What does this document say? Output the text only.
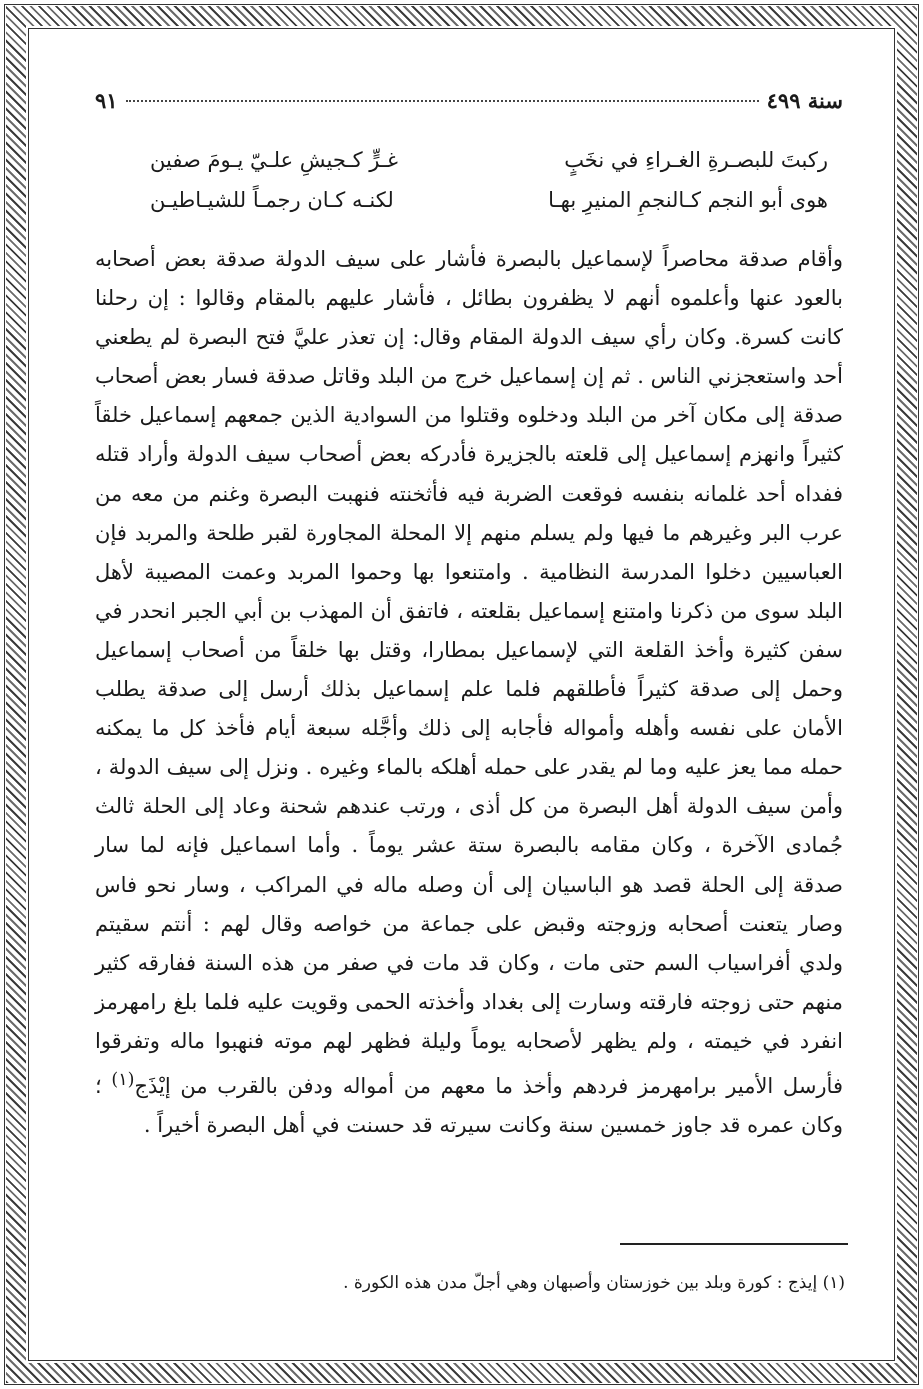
سنة ٤٩٩
٩١
ركبتَ للبصـرةِ الغـراءِ في نخَبٍ
غـرٍّ كـجيشِ علـيّ يـومَ صفين
هوى أبو النجم كـالنجمِ المنيرِ بهـا
لكنـه كـان رجمـاً للشيـاطيـن

وأقام صدقة محاصراً لإسماعيل بالبصرة فأشار على سيف الدولة صدقة بعض أصحابه بالعود عنها وأعلموه أنهم لا يظفرون بطائل ، فأشار عليهم بالمقام وقالوا : إن رحلنا كانت كسرة. وكان رأي سيف الدولة المقام وقال: إن تعذر عليَّ فتح البصرة لم يطعني أحد واستعجزني الناس . ثم إن إسماعيل خرج من البلد وقاتل صدقة فسار بعض أصحاب صدقة إلى مكان آخر من البلد ودخلوه وقتلوا من السوادية الذين جمعهم إسماعيل خلقاً كثيراً وانهزم إسماعيل إلى قلعته بالجزيرة فأدركه بعض أصحاب سيف الدولة وأراد قتله ففداه أحد غلمانه بنفسه فوقعت الضربة فيه فأثخنته فنهبت البصرة وغنم من معه من عرب البر وغيرهم ما فيها ولم يسلم منهم إلا المحلة المجاورة لقبر طلحة والمربد فإن العباسيين دخلوا المدرسة النظامية . وامتنعوا بها وحموا المربد وعمت المصيبة لأهل البلد سوى من ذكرنا وامتنع إسماعيل بقلعته ، فاتفق أن المهذب بن أبي الجبر انحدر في سفن كثيرة وأخذ القلعة التي لإسماعيل بمطارا، وقتل بها خلقاً من أصحاب إسماعيل وحمل إلى صدقة كثيراً فأطلقهم فلما علم إسماعيل بذلك أرسل إلى صدقة يطلب الأمان على نفسه وأهله وأمواله فأجابه إلى ذلك وأجَّله سبعة أيام فأخذ كل ما يمكنه حمله مما يعز عليه وما لم يقدر على حمله أهلكه بالماء وغيره . ونزل إلى سيف الدولة ، وأمن سيف الدولة أهل البصرة من كل أذى ، ورتب عندهم شحنة وعاد إلى الحلة ثالث جُمادى الآخرة ، وكان مقامه بالبصرة ستة عشر يوماً . وأما اسماعيل فإنه لما سار صدقة إلى الحلة قصد هو الباسيان إلى أن وصله ماله في المراكب ، وسار نحو فاس وصار يتعنت أصحابه وزوجته وقبض على جماعة من خواصه وقال لهم : أنتم سقيتم ولدي أفراسياب السم حتى مات ، وكان قد مات في صفر من هذه السنة ففارقه كثير منهم حتى زوجته فارقته وسارت إلى بغداد وأخذته الحمى وقويت عليه فلما بلغ رامهرمز انفرد في خيمته ، ولم يظهر لأصحابه يوماً وليلة فظهر لهم موته فنهبوا ماله وتفرقوا فأرسل الأمير برامهرمز فردهم وأخذ ما معهم من أمواله ودفن بالقرب من إيْذَج$^{(١)}$ ؛ وكان عمره قد جاوز خمسين سنة وكانت سيرته قد حسنت في أهل البصرة أخيراً .

(١) إيذج : كورة وبلد بين خوزستان وأصبهان وهي أجلّ مدن هذه الكورة .
